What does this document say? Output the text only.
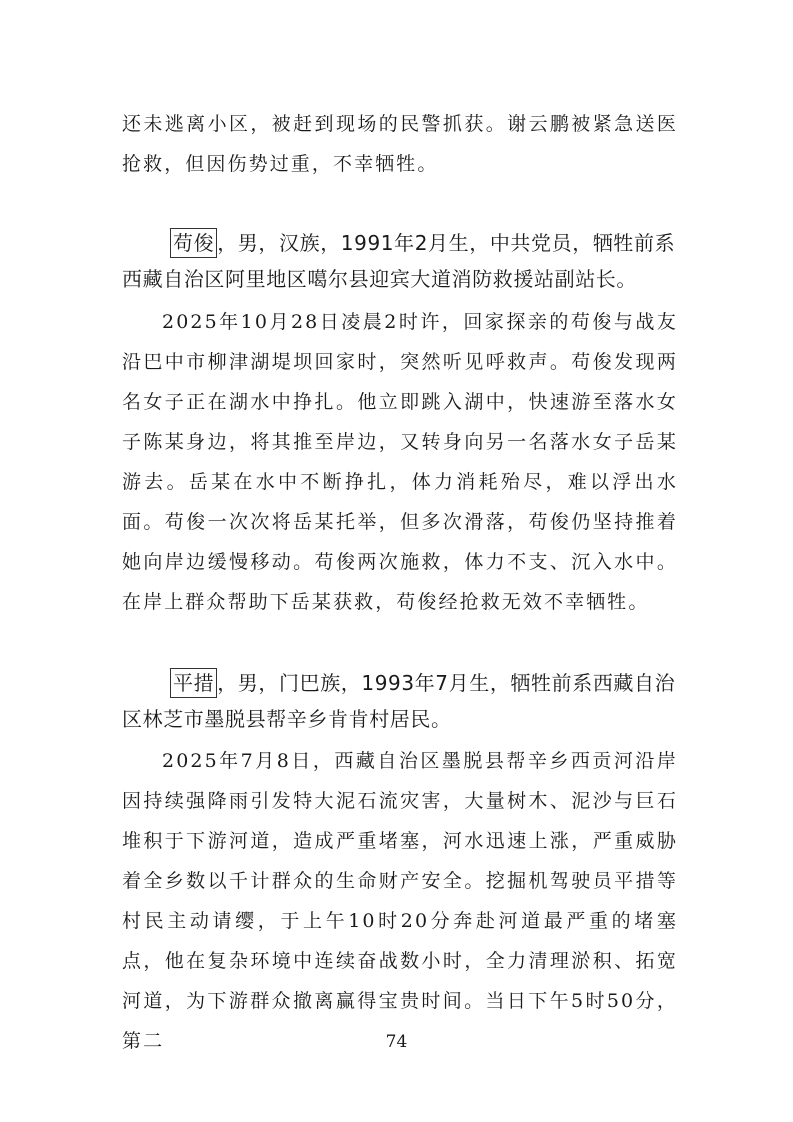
还未逃离小区，被赶到现场的民警抓获。谢云鹏被紧急送医抢救，但因伤势过重，不幸牺牲。

苟俊 ，男，汉族，1991年2月生，中共党员，牺牲前系西藏自治区阿里地区噶尔县迎宾大道消防救援站副站长。

2025年10月28日凌晨2时许，回家探亲的苟俊与战友沿巴中市柳津湖堤坝回家时，突然听见呼救声。苟俊发现两名女子正在湖水中挣扎。他立即跳入湖中，快速游至落水女子陈某身边，将其推至岸边，又转身向另一名落水女子岳某游去。岳某在水中不断挣扎，体力消耗殆尽，难以浮出水面。苟俊一次次将岳某托举，但多次滑落，苟俊仍坚持推着她向岸边缓慢移动。苟俊两次施救，体力不支、沉入水中。在岸上群众帮助下岳某获救，苟俊经抢救无效不幸牺牲。

平措 ，男，门巴族，1993年7月生，牺牲前系西藏自治区林芝市墨脱县帮辛乡肯肯村居民。

2025年7月8日，西藏自治区墨脱县帮辛乡西贡河沿岸因持续强降雨引发特大泥石流灾害，大量树木、泥沙与巨石堆积于下游河道，造成严重堵塞，河水迅速上涨，严重威胁着全乡数以千计群众的生命财产安全。挖掘机驾驶员平措等村民主动请缨，于上午10时20分奔赴河道最严重的堵塞点，他在复杂环境中连续奋战数小时，全力清理淤积、拓宽河道，为下游群众撤离赢得宝贵时间。当日下午5时50分，第二	74
